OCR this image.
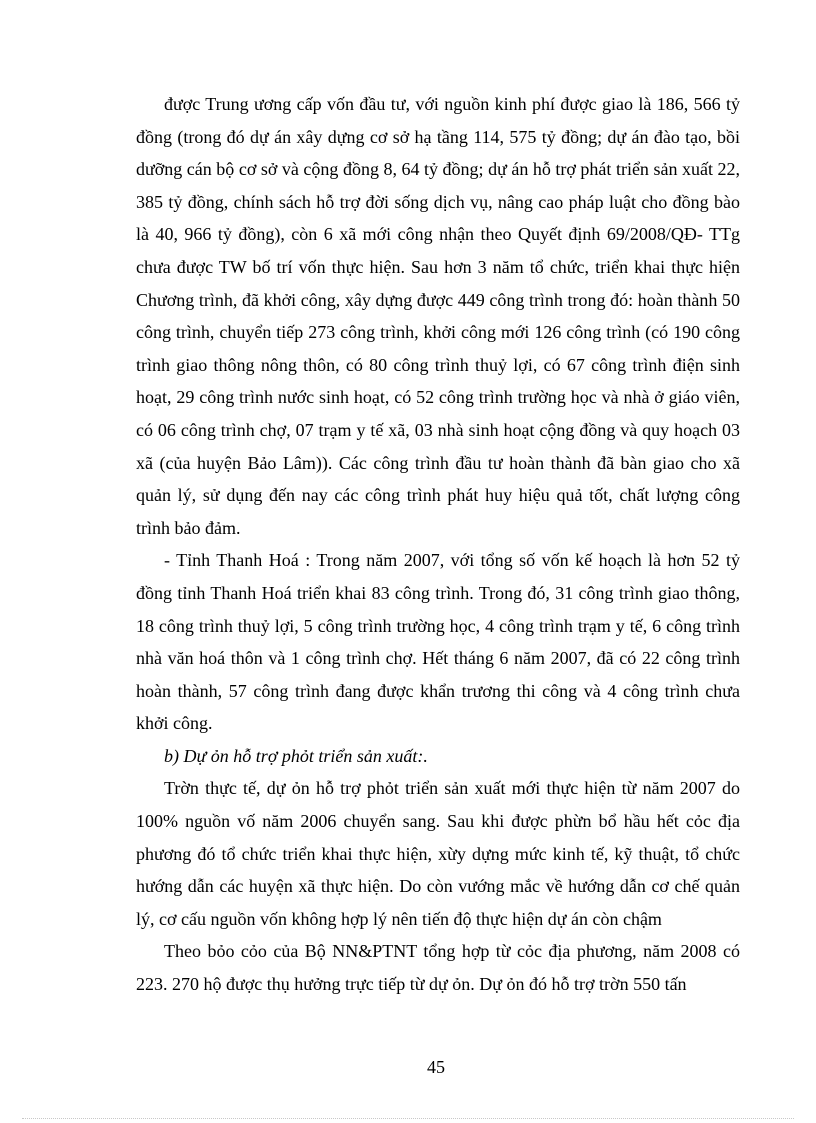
được Trung ương cấp vốn đầu tư, với nguồn kinh phí được giao là 186, 566 tỷ đồng (trong đó dự án xây dựng cơ sở hạ tầng 114, 575 tỷ đồng; dự án đào tạo, bồi dưỡng cán bộ cơ sở và cộng đồng 8, 64 tỷ đồng; dự án hỗ trợ phát triển sản xuất 22, 385 tỷ đồng, chính sách hỗ trợ đời sống dịch vụ, nâng cao pháp luật cho đồng bào là 40, 966 tỷ đồng), còn 6 xã mới công nhận theo Quyết định 69/2008/QĐ- TTg chưa được TW bố trí vốn thực hiện. Sau hơn 3 năm tổ chức, triển khai thực hiện Chương trình, đã khởi công, xây dựng được 449 công trình trong đó: hoàn thành 50 công trình, chuyển tiếp 273 công trình, khởi công mới 126 công trình (có 190 công trình giao thông nông thôn, có 80 công trình thuỷ lợi, có 67 công trình điện sinh hoạt, 29 công trình nước sinh hoạt, có 52 công trình trường học và nhà ở giáo viên, có 06 công trình chợ, 07 trạm y tế xã, 03 nhà sinh hoạt cộng đồng và quy hoạch 03 xã (của huyện Bảo Lâm)). Các công trình đầu tư hoàn thành đã bàn giao cho xã quản lý, sử dụng đến nay các công trình phát huy hiệu quả tốt, chất lượng công trình bảo đảm.

- Tỉnh Thanh Hoá : Trong năm 2007, với tổng số vốn kế hoạch là hơn 52 tỷ đồng tỉnh Thanh Hoá triển khai 83 công trình. Trong đó, 31 công trình giao thông, 18 công trình thuỷ lợi, 5 công trình trường học, 4 công trình trạm y tế, 6 công trình nhà văn hoá thôn và 1 công trình chợ. Hết tháng 6 năm 2007, đã có 22 công trình hoàn thành, 57 công trình đang được khẩn trương thi công và 4 công trình chưa khởi công.

b) Dự ỏn hỗ trợ phỏt triển sản xuất:.

Trờn thực tế, dự ỏn hỗ trợ phỏt triển sản xuất mới thực hiện từ năm 2007 do 100% nguồn vố năm 2006 chuyển sang. Sau khi được phừn bổ hầu hết cỏc địa phương đó tổ chức triển khai thực hiện, xừy dựng mức kinh tế, kỹ thuật, tổ chức hướng dẫn các huyện xã thực hiện. Do còn vướng mắc về hướng dẫn cơ chế quản lý, cơ cấu nguồn vốn không hợp lý nên tiến độ thực hiện dự án còn chậm

Theo bỏo cỏo của Bộ NN&PTNT tổng hợp từ cỏc địa phương, năm 2008 có 223. 270 hộ được thụ hưởng trực tiếp từ dự ỏn. Dự ỏn đó hỗ trợ trờn 550 tấn

45
